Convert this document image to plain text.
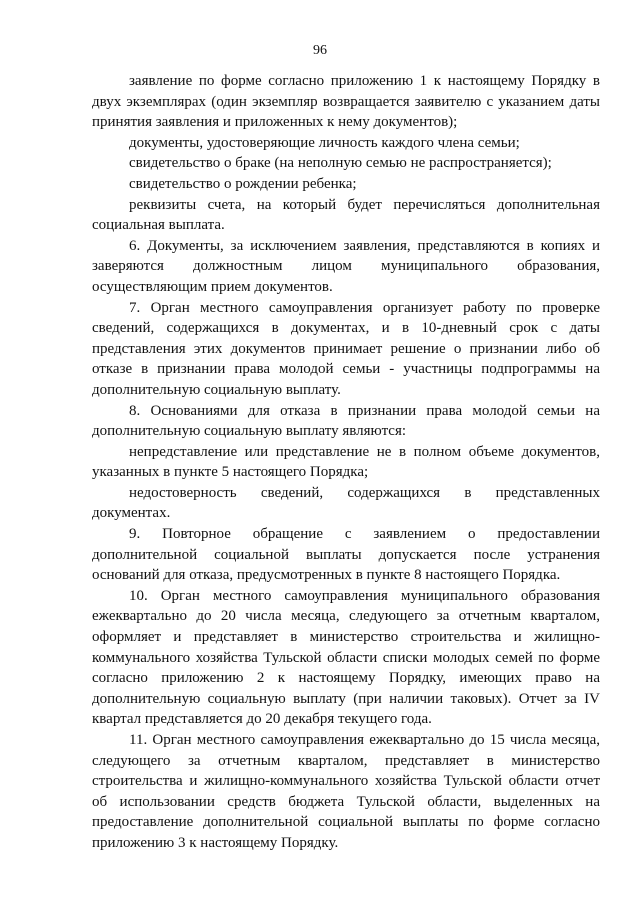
96

заявление по форме согласно приложению 1 к настоящему Порядку в двух экземплярах (один экземпляр возвращается заявителю с указанием даты принятия заявления и приложенных к нему документов);

документы, удостоверяющие личность каждого члена семьи;

свидетельство о браке (на неполную семью не распространяется);

свидетельство о рождении ребенка;

реквизиты счета, на который будет перечисляться дополнительная социальная выплата.

6. Документы, за исключением заявления, представляются в копиях и заверяются должностным лицом муниципального образования, осуществляющим прием документов.

7. Орган местного самоуправления организует работу по проверке сведений, содержащихся в документах, и в 10-дневный срок с даты представления этих документов принимает решение о признании либо об отказе в признании права молодой семьи - участницы подпрограммы на дополнительную социальную выплату.

8. Основаниями для отказа в признании права молодой семьи на дополнительную социальную выплату являются:

непредставление или представление не в полном объеме документов, указанных в пункте 5 настоящего Порядка;

недостоверность сведений, содержащихся в представленных документах.

9. Повторное обращение с заявлением о предоставлении дополнительной социальной выплаты допускается после устранения оснований для отказа, предусмотренных в пункте 8 настоящего Порядка.

10. Орган местного самоуправления муниципального образования ежеквартально до 20 числа месяца, следующего за отчетным кварталом, оформляет и представляет в министерство строительства и жилищно-коммунального хозяйства Тульской области списки молодых семей по форме согласно приложению 2 к настоящему Порядку, имеющих право на дополнительную социальную выплату (при наличии таковых). Отчет за IV квартал представляется до 20 декабря текущего года.

11. Орган местного самоуправления ежеквартально до 15 числа месяца, следующего за отчетным кварталом, представляет в министерство строительства и жилищно-коммунального хозяйства Тульской области отчет об использовании средств бюджета Тульской области, выделенных на предоставление дополнительной социальной выплаты по форме согласно приложению 3 к настоящему Порядку.
